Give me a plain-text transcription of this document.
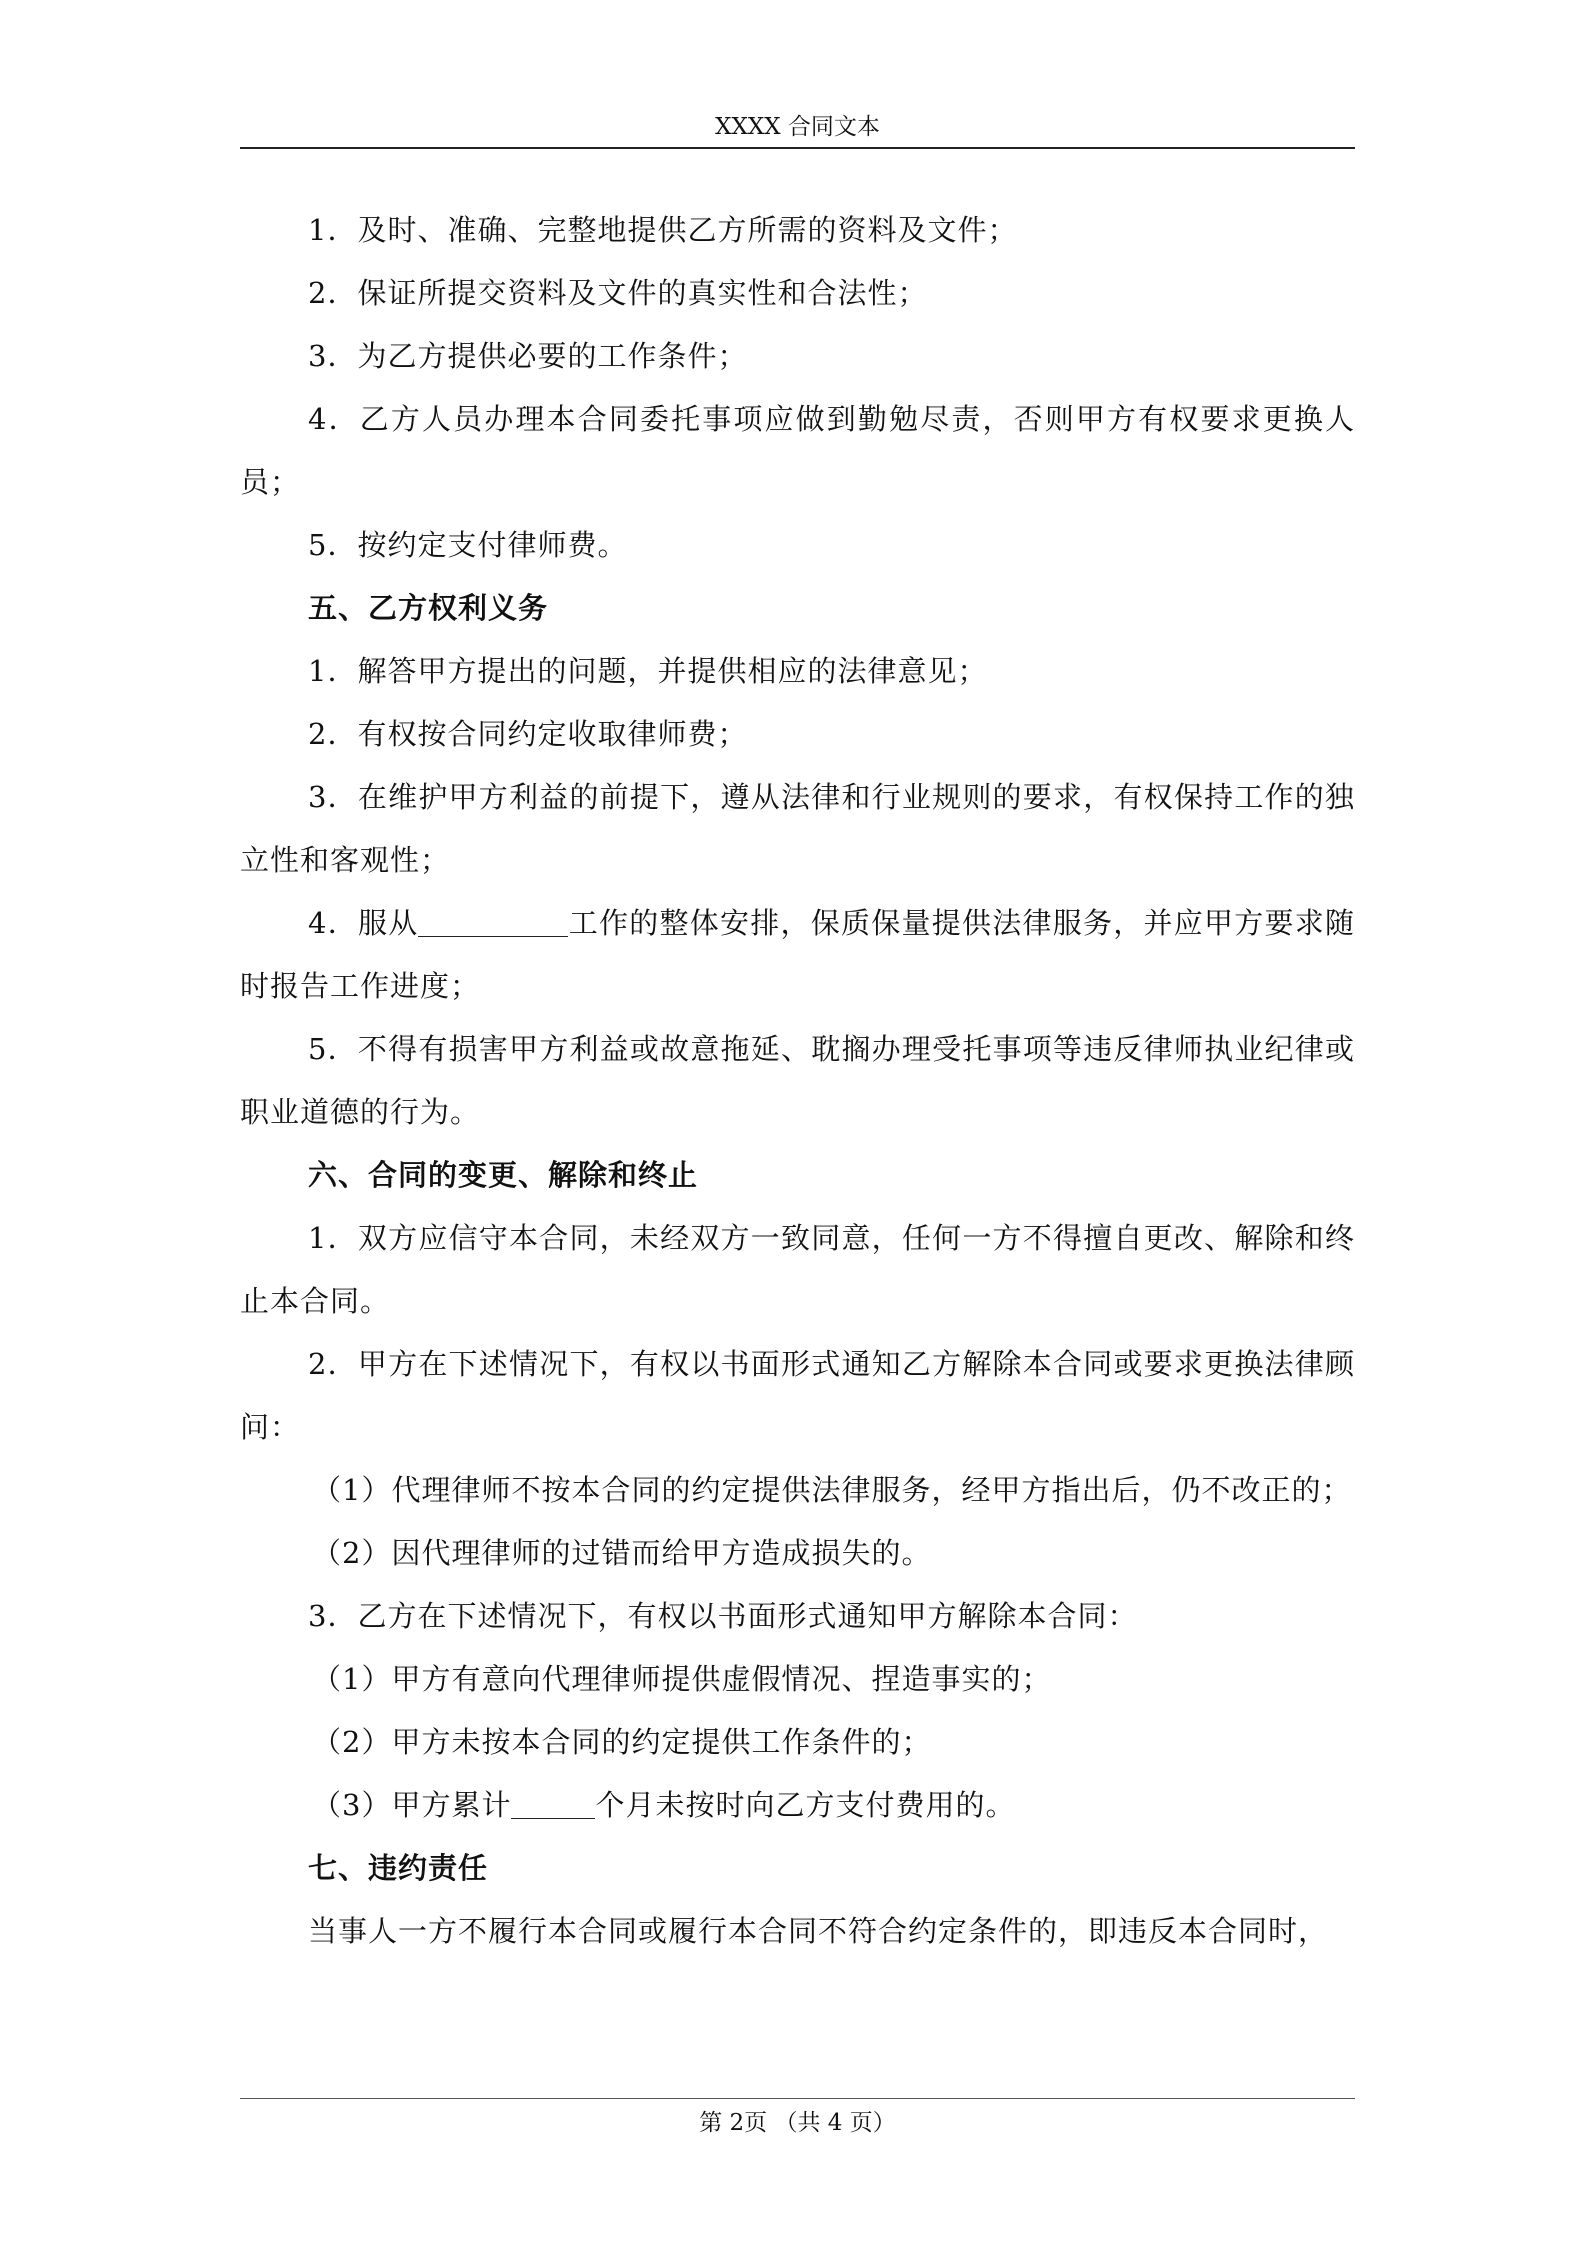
XXXX 合同文本

1．及时、准确、完整地提供乙方所需的资料及文件；

2．保证所提交资料及文件的真实性和合法性；

3．为乙方提供必要的工作条件；

4．乙方人员办理本合同委托事项应做到勤勉尽责，否则甲方有权要求更换人员；

5．按约定支付律师费。

五、乙方权利义务

1．解答甲方提出的问题，并提供相应的法律意见；

2．有权按合同约定收取律师费；

3．在维护甲方利益的前提下，遵从法律和行业规则的要求，有权保持工作的独立性和客观性；

4．服从	工作的整体安排，保质保量提供法律服务，并应甲方要求随时报告工作进度；

5．不得有损害甲方利益或故意拖延、耽搁办理受托事项等违反律师执业纪律或职业道德的行为。

六、合同的变更、解除和终止

1．双方应信守本合同，未经双方一致同意，任何一方不得擅自更改、解除和终止本合同。

2．甲方在下述情况下，有权以书面形式通知乙方解除本合同或要求更换法律顾问：

（1）代理律师不按本合同的约定提供法律服务，经甲方指出后，仍不改正的；

（2）因代理律师的过错而给甲方造成损失的。

3．乙方在下述情况下，有权以书面形式通知甲方解除本合同：

（1）甲方有意向代理律师提供虚假情况、捏造事实的；

（2）甲方未按本合同的约定提供工作条件的；

（3）甲方累计	个月未按时向乙方支付费用的。

七、违约责任

当事人一方不履行本合同或履行本合同不符合约定条件的，即违反本合同时，

第 2页 （共 4 页）
